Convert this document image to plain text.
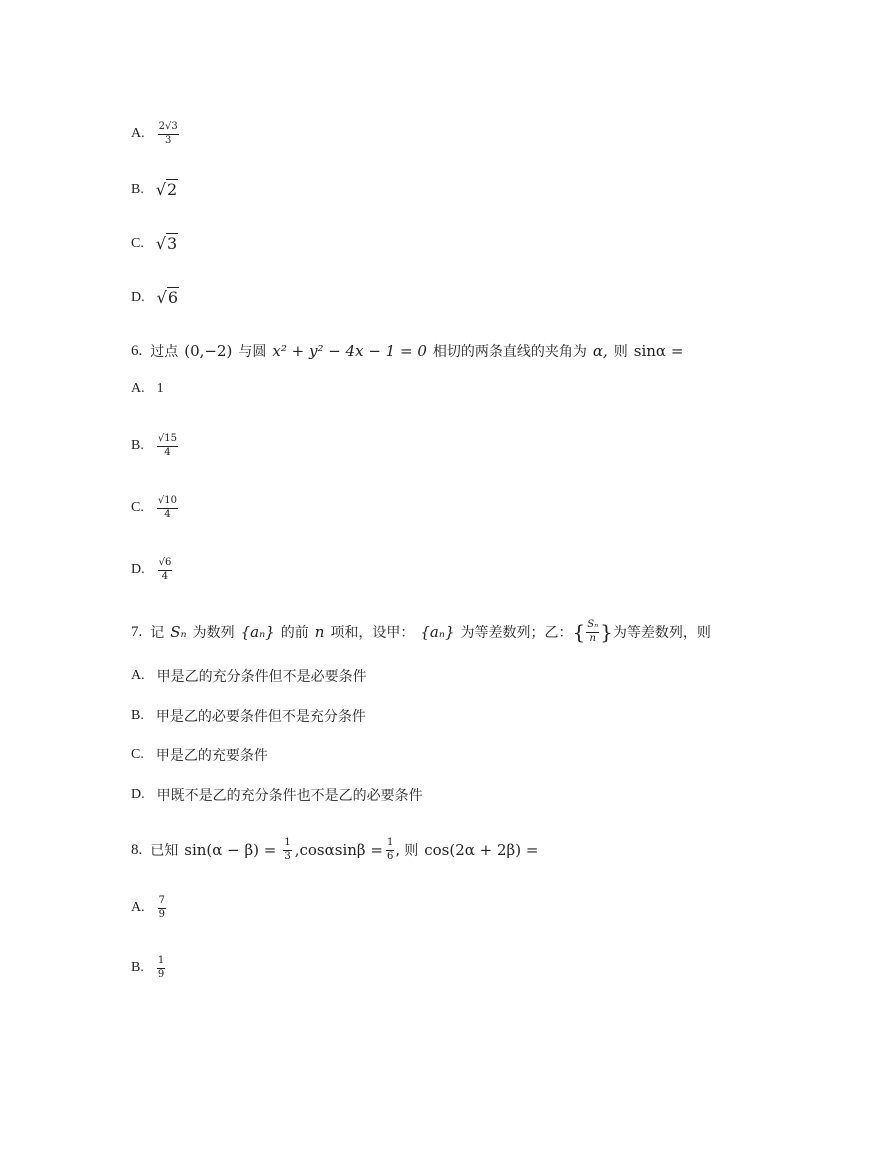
A. $\frac{2√3}{3}$
B. √2
C. √3
D. √6
6. 过点 (0,−2) 与圆 x² + y² − 4x − 1 = 0 相切的两条直线的夹角为 α, 则 sinα =
A. 1
B. $\frac{√15}{4}$
C. $\frac{√10}{4}$
D. $\frac{√6}{4}$
7. 记 Sₙ 为数列 {aₙ} 的前 n 项和，设甲： {aₙ} 为等差数列；乙： { $\frac{\text{Sₙ}}{n}$ } 为等差数列，则
A. 甲是乙的充分条件但不是必要条件
B. 甲是乙的必要条件但不是充分条件
C. 甲是乙的充要条件
D. 甲既不是乙的充分条件也不是乙的必要条件
8. 已知 $\sin(\alpha - \beta) = \frac{1}{3} ,\cos\alpha\sin\beta = \frac{1}{6}$ , 则 cos(2α + 2β) =
A. $\frac{7}{9}$
B. $\frac{1}{9}$
